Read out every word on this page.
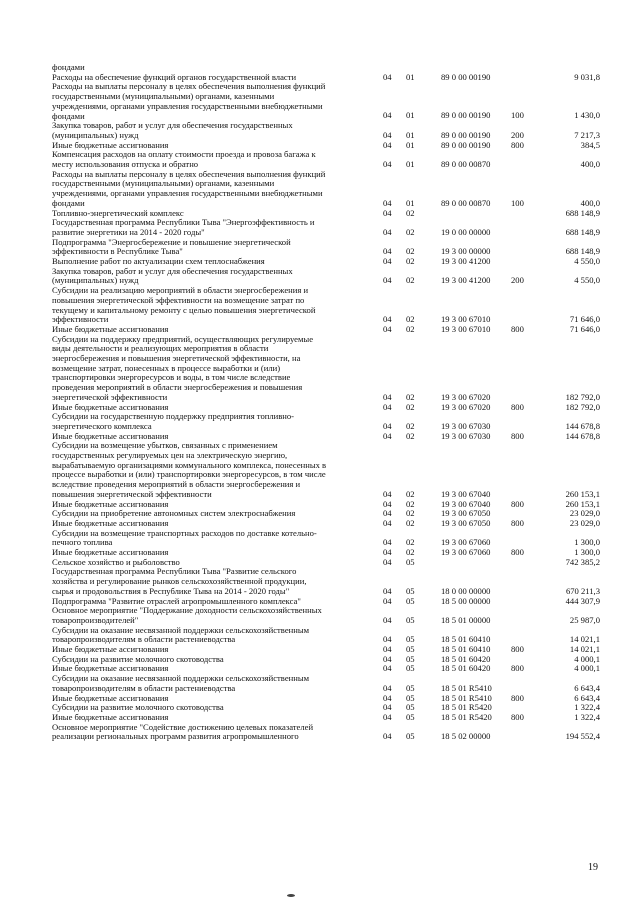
фондами
Расходы на обеспечение функций органов государственной власти	04 01	89 0 00 00190	9 031,8
Расходы на выплаты персоналу в целях обеспечения выполнения функций
государственными (муниципальными) органами, казенными
учреждениями, органами управления государственными внебюджетными
фондами	04 01	89 0 00 00190 100	1 430,0
Закупка товаров, работ и услуг для обеспечения государственных
(муниципальных) нужд	04 01	89 0 00 00190 200	7 217,3
Иные бюджетные ассигнования	04 01	89 0 00 00190 800	384,5
Компенсация расходов на оплату стоимости проезда и провоза багажа к
месту использования отпуска и обратно	04 01	89 0 00 00870	400,0
Расходы на выплаты персоналу в целях обеспечения выполнения функций
государственными (муниципальными) органами, казенными
учреждениями, органами управления государственными внебюджетными
фондами	04 01	89 0 00 00870 100	400,0
Топливно-энергетический комплекс	04 02	688 148,9
Государственная программа Республики Тыва "Энергоэффективность и
развитие энергетики на 2014 - 2020 годы"	04 02	19 0 00 00000	688 148,9
Подпрограмма "Энергосбережение и повышение энергетической
эффективности в Республике Тыва"	04 02	19 3 00 00000	688 148,9
Выполнение работ по актуализации схем теплоснабжения	04 02	19 3 00 41200	4 550,0
Закупка товаров, работ и услуг для обеспечения государственных
(муниципальных) нужд	04 02	19 3 00 41200 200	4 550,0
Субсидии на реализацию мероприятий в области энергосбережения и
повышения энергетической эффективности на возмещение затрат по
текущему и капитальному ремонту с целью повышения энергетической
эффективности	04 02	19 3 00 67010	71 646,0
Иные бюджетные ассигнования	04 02	19 3 00 67010 800	71 646,0
Субсидии на поддержку предприятий, осуществляющих регулируемые
виды деятельности и реализующих мероприятия в области
энергосбережения и повышения энергетической эффективности, на
возмещение затрат, понесенных в процессе выработки и (или)
транспортировки энергоресурсов и воды, в том числе вследствие
проведения мероприятий в области энергосбережения и повышения
энергетической эффективности	04 02	19 3 00 67020	182 792,0
Иные бюджетные ассигнования	04 02	19 3 00 67020 800	182 792,0
Субсидии на государственную поддержку предприятия топливно-
энергетического комплекса	04 02	19 3 00 67030	144 678,8
Иные бюджетные ассигнования	04 02	19 3 00 67030 800	144 678,8
Субсидии на возмещение убытков, связанных с применением
государственных регулируемых цен на электрическую энергию,
вырабатываемую организациями коммунального комплекса, понесенных в
процессе выработки и (или) транспортировки энергоресурсов, в том числе
вследствие проведения мероприятий в области энергосбережения и
повышения энергетической эффективности	04 02	19 3 00 67040	260 153,1
Иные бюджетные ассигнования	04 02	19 3 00 67040 800	260 153,1
Субсидии на приобретение автономных систем электроснабжения	04 02	19 3 00 67050	23 029,0
Иные бюджетные ассигнования	04 02	19 3 00 67050 800	23 029,0
Субсидии на возмещение транспортных расходов по доставке котельно-
печного топлива	04 02	19 3 00 67060	1 300,0
Иные бюджетные ассигнования	04 02	19 3 00 67060 800	1 300,0
Сельское хозяйство и рыболовство	04 05	742 385,2
Государственная программа Республики Тыва "Развитие сельского
хозяйства и регулирование рынков сельскохозяйственной продукции,
сырья и продовольствия в Республике Тыва на 2014 - 2020 годы"	04 05	18 0 00 00000	670 211,3
Подпрограмма "Развитие отраслей агропромышленного комплекса"	04 05	18 5 00 00000	444 307,9
Основное мероприятие "Поддержание доходности сельскохозяйственных
товаропроизводителей"	04 05	18 5 01 00000	25 987,0
Субсидии на оказание несвязанной поддержки сельскохозяйственным
товаропроизводителям в области растениеводства	04 05	18 5 01 60410	14 021,1
Иные бюджетные ассигнования	04 05	18 5 01 60410 800	14 021,1
Субсидии на развитие молочного скотоводства	04 05	18 5 01 60420	4 000,1
Иные бюджетные ассигнования	04 05	18 5 01 60420 800	4 000,1
Субсидии на оказание несвязанной поддержки сельскохозяйственным
товаропроизводителям в области растениеводства	04 05	18 5 01 R5410	6 643,4
Иные бюджетные ассигнования	04 05	18 5 01 R5410 800	6 643,4
Субсидии на развитие молочного скотоводства	04 05	18 5 01 R5420	1 322,4
Иные бюджетные ассигнования	04 05	18 5 01 R5420 800	1 322,4
Основное мероприятие "Содействие достижению целевых показателей
реализации региональных программ развития агропромышленного	04 05	18 5 02 00000	194 552,4
19
